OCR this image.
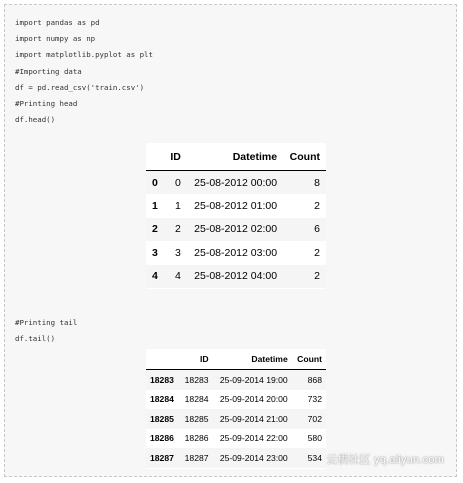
import pandas as pd
import numpy as np
import matplotlib.pyplot as plt
#Importing data
df = pd.read_csv('train.csv')
#Printing head
df.head()
	ID	Datetime	Count
0	0	25-08-2012 00:00	8
1	1	25-08-2012 01:00	2
2	2	25-08-2012 02:00	6
3	3	25-08-2012 03:00	2
4	4	25-08-2012 04:00	2
#Printing tail
df.tail()
	ID	Datetime	Count
18283	18283	25-09-2014 19:00	868
18284	18284	25-09-2014 20:00	732
18285	18285	25-09-2014 21:00	702
18286	18286	25-09-2014 22:00	580
18287	18287	25-09-2014 23:00	534 云栖社区 yq.aliyun.com
